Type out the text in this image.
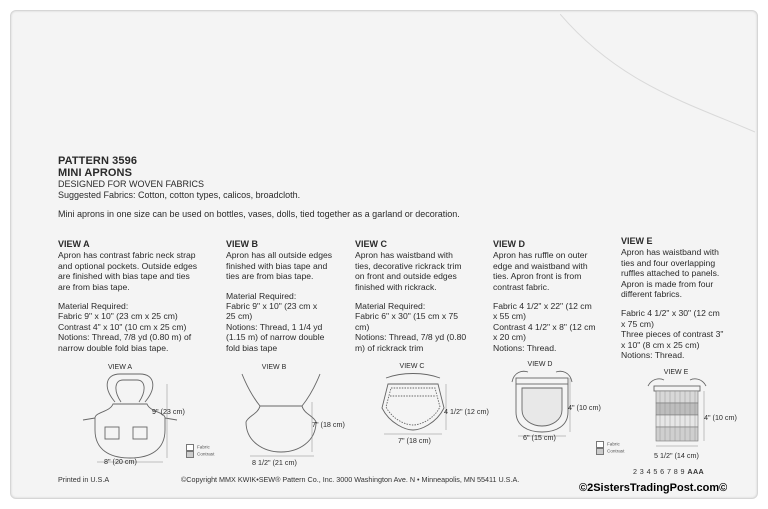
PATTERN 3596
MINI APRONS
DESIGNED FOR WOVEN FABRICS
Suggested Fabrics: Cotton, cotton types, calicos, broadcloth.
Mini aprons in one size can be used on bottles, vases, dolls, tied together as a garland or decoration.
VIEW A

Apron has contrast fabric neck strap

and optional pockets. Outside edges

are finished with bias tape and ties

are from bias tape.

Material Required:

Fabric 9" x 10" (23 cm x 25 cm)

Contrast 4" x 10" (10 cm x 25 cm)

Notions: Thread, 7/8 yd (0.80 m) of

narrow double fold bias tape.

VIEW B

Apron has all outside edges

finished with bias tape and

ties are from bias tape.

Material Required:

Fabric 9" x 10" (23 cm x

25 cm)

Notions: Thread, 1 1/4 yd

(1.15 m) of narrow double

fold bias tape

VIEW C

Apron has waistband with

ties, decorative rickrack trim

on front and outside edges

finished with rickrack.

Material Required:

Fabric 6" x 30" (15 cm x 75

cm)

Notions: Thread, 7/8 yd (0.80

m) of rickrack trim

VIEW D

Apron has ruffle on outer

edge and waistband with

ties. Apron front is from

contrast fabric.

Fabric 4 1/2" x 22" (12 cm

x 55 cm)

Contrast 4 1/2" x 8" (12 cm

x 20 cm)

Notions: Thread.

VIEW E

Apron has waistband with

ties and four overlapping

ruffles attached to panels.

Apron is made from four

different fabrics.

Fabric 4 1/2" x 30" (12 cm

x 75 cm)

Three pieces of contrast 3"

x 10" (8 cm x 25 cm)

Notions: Thread.

VIEW A
9" (23 cm)
8" (20 cm)
Fabric
Contrast
VIEW B
7" (18 cm)
8 1/2" (21 cm)
VIEW C
4 1/2" (12 cm)
7" (18 cm)
VIEW D
4" (10 cm)
6" (15 cm)
Fabric
Contrast
VIEW E
4" (10 cm)
5 1/2" (14 cm)
Printed in U.S.A	©Copyright MMX KWIK•SEW® Pattern Co., Inc. 3000 Washington Ave. N • Minneapolis, MN 55411 U.S.A.
2 3 4 5 6 7 8 9 AAA
©2SistersTradingPost.com©
